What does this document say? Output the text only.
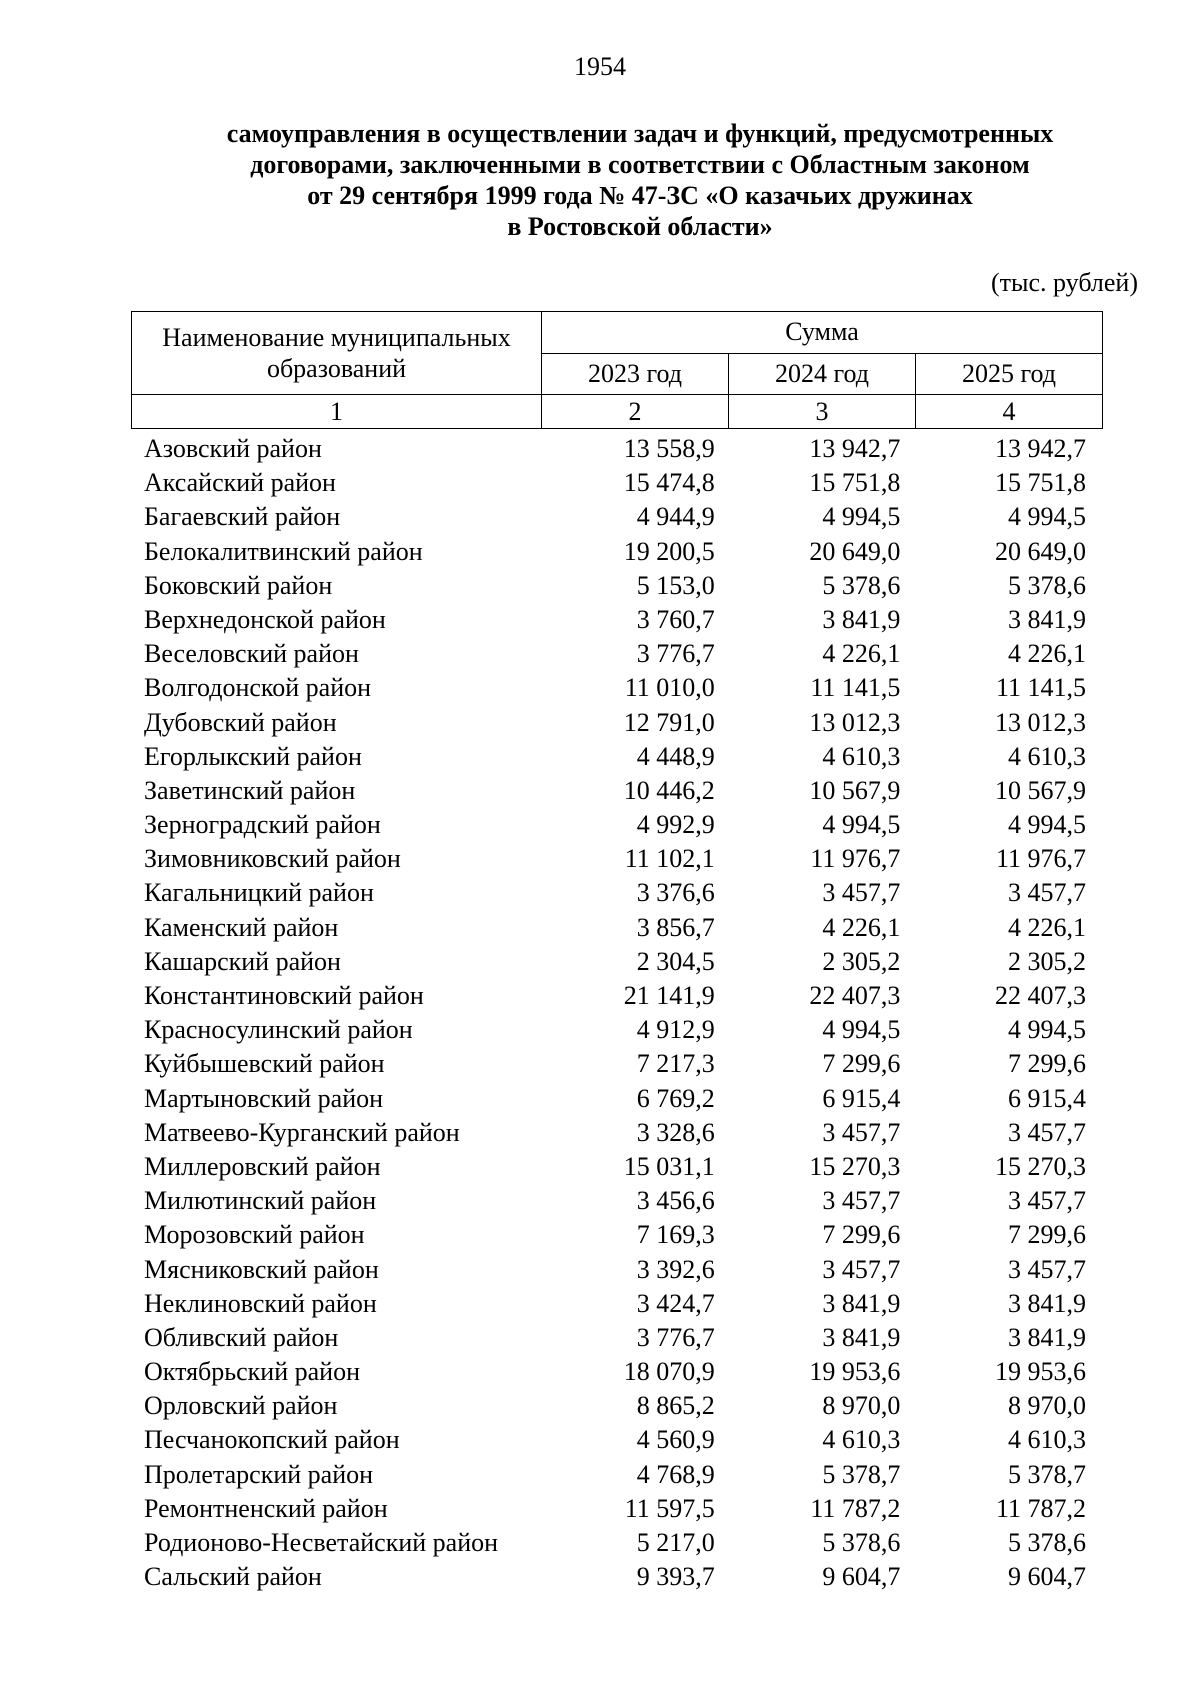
1954
самоуправления в осуществлении задач и функций, предусмотренных
договорами, заключенными в соответствии с Областным законом
от 29 сентября 1999 года № 47-ЗС «О казачьих дружинах
в Ростовской области»
(тыс. рублей)
Наименование муниципальных образований	Сумма		
	2023 год	2024 год	2025 год
1	2	3	4
Азовский район	13 558,9	13 942,7	13 942,7
Аксайский район	15 474,8	15 751,8	15 751,8
Багаевский район	4 944,9	4 994,5	4 994,5
Белокалитвинский район	19 200,5	20 649,0	20 649,0
Боковский район	5 153,0	5 378,6	5 378,6
Верхнедонской район	3 760,7	3 841,9	3 841,9
Веселовский район	3 776,7	4 226,1	4 226,1
Волгодонской район	11 010,0	11 141,5	11 141,5
Дубовский район	12 791,0	13 012,3	13 012,3
Егорлыкский район	4 448,9	4 610,3	4 610,3
Заветинский район	10 446,2	10 567,9	10 567,9
Зерноградский район	4 992,9	4 994,5	4 994,5
Зимовниковский район	11 102,1	11 976,7	11 976,7
Кагальницкий район	3 376,6	3 457,7	3 457,7
Каменский район	3 856,7	4 226,1	4 226,1
Кашарский район	2 304,5	2 305,2	2 305,2
Константиновский район	21 141,9	22 407,3	22 407,3
Красносулинский район	4 912,9	4 994,5	4 994,5
Куйбышевский район	7 217,3	7 299,6	7 299,6
Мартыновский район	6 769,2	6 915,4	6 915,4
Матвеево-Курганский район	3 328,6	3 457,7	3 457,7
Миллеровский район	15 031,1	15 270,3	15 270,3
Милютинский район	3 456,6	3 457,7	3 457,7
Морозовский район	7 169,3	7 299,6	7 299,6
Мясниковский район	3 392,6	3 457,7	3 457,7
Неклиновский район	3 424,7	3 841,9	3 841,9
Обливский район	3 776,7	3 841,9	3 841,9
Октябрьский район	18 070,9	19 953,6	19 953,6
Орловский район	8 865,2	8 970,0	8 970,0
Песчанокопский район	4 560,9	4 610,3	4 610,3
Пролетарский район	4 768,9	5 378,7	5 378,7
Ремонтненский район	11 597,5	11 787,2	11 787,2
Родионово-Несветайский район	5 217,0	5 378,6	5 378,6
Сальский район	9 393,7	9 604,7	9 604,7
